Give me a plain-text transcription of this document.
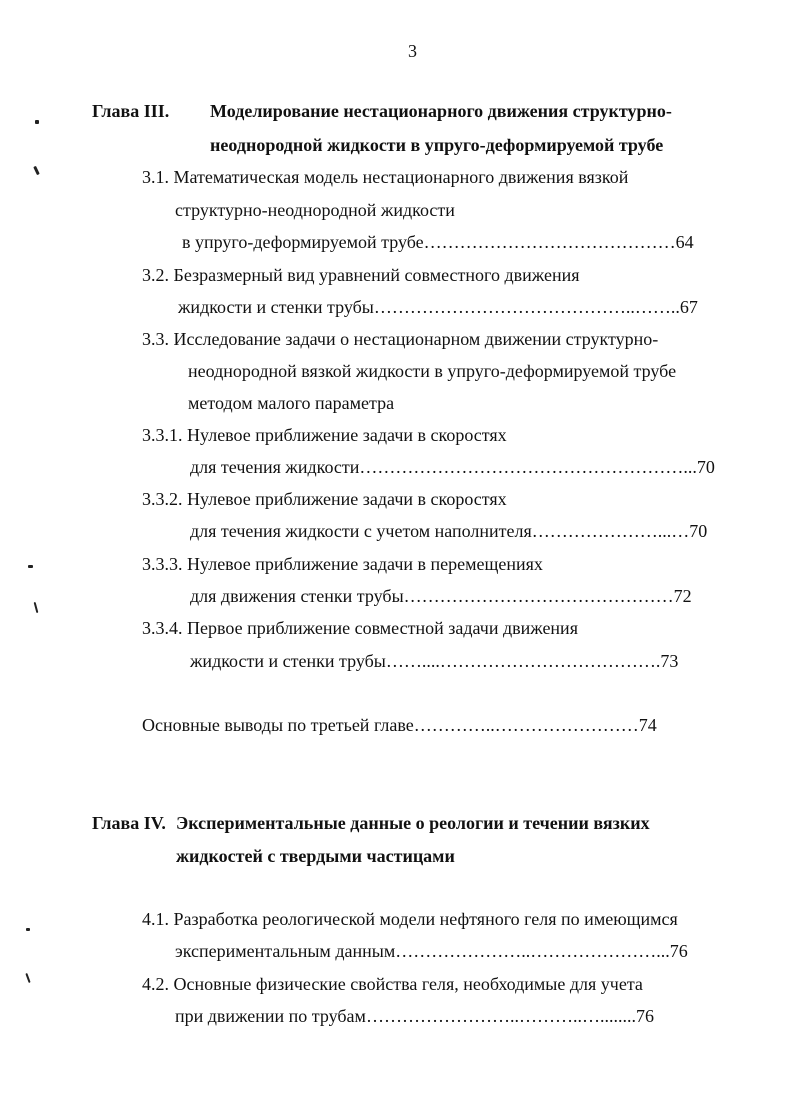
3
Глава III. Моделирование нестационарного движения структурно-
неоднородной жидкости в упруго-деформируемой трубе
3.1. Математическая модель нестационарного движения вязкой
структурно-неоднородной жидкости
в упруго-деформируемой трубе……………………………………64
3.2. Безразмерный вид уравнений совместного движения
жидкости и стенки трубы……………………………………..……..67
3.3. Исследование задачи о нестационарном движении структурно-
неоднородной вязкой жидкости в упруго-деформируемой трубе
методом малого параметра
3.3.1. Нулевое приближение задачи в скоростях
для течения жидкости………………………………………………...70
3.3.2. Нулевое приближение задачи в скоростях
для течения жидкости с учетом наполнителя…………………...…70
3.3.3. Нулевое приближение задачи в перемещениях
для движения стенки трубы………………………………………72
3.3.4. Первое приближение совместной задачи движения
жидкости и стенки трубы……....……………………………….73
Основные выводы по третьей главе…………..……………………74
Глава IV. Экспериментальные данные о реологии и течении вязких
жидкостей с твердыми частицами
4.1. Разработка реологической модели нефтяного геля по имеющимся
экспериментальным данным…………………..…………………...76
4.2. Основные физические свойства геля, необходимые для учета
при движении по трубам……………………..………..…........76
